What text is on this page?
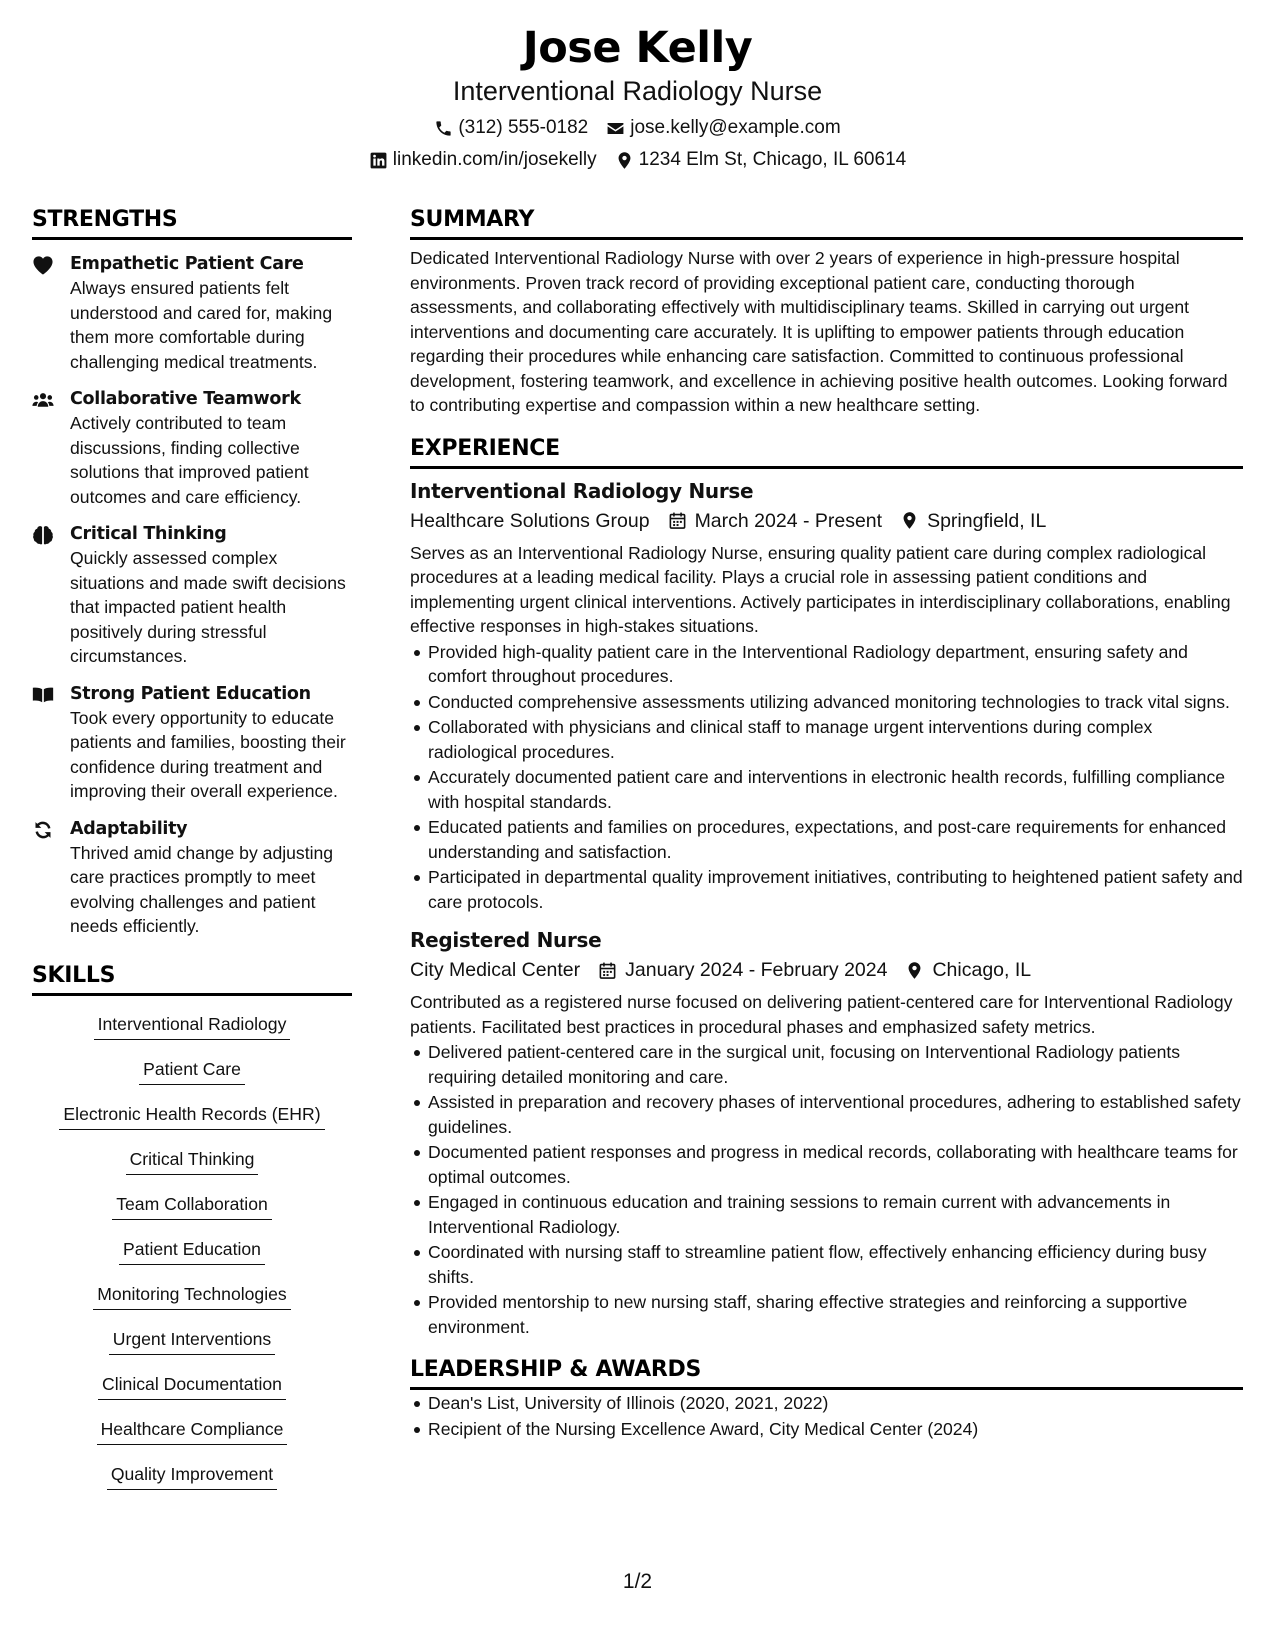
Jose Kelly
Interventional Radiology Nurse
(312) 555-0182 jose.kelly@example.com
linkedin.com/in/josekelly 1234 Elm St, Chicago, IL 60614
STRENGTHS
Empathetic Patient Care
Always ensured patients felt understood and cared for, making them more comfortable during challenging medical treatments.
Collaborative Teamwork
Actively contributed to team discussions, finding collective solutions that improved patient outcomes and care efficiency.
Critical Thinking
Quickly assessed complex situations and made swift decisions that impacted patient health positively during stressful circumstances.
Strong Patient Education
Took every opportunity to educate patients and families, boosting their confidence during treatment and improving their overall experience.
Adaptability
Thrived amid change by adjusting care practices promptly to meet evolving challenges and patient needs efficiently.
SKILLS
Interventional Radiology
Patient Care
Electronic Health Records (EHR)
Critical Thinking
Team Collaboration
Patient Education
Monitoring Technologies
Urgent Interventions
Clinical Documentation
Healthcare Compliance
Quality Improvement
SUMMARY
Dedicated Interventional Radiology Nurse with over 2 years of experience in high-pressure hospital environments. Proven track record of providing exceptional patient care, conducting thorough assessments, and collaborating effectively with multidisciplinary teams. Skilled in carrying out urgent interventions and documenting care accurately. It is uplifting to empower patients through education regarding their procedures while enhancing care satisfaction. Committed to continuous professional development, fostering teamwork, and excellence in achieving positive health outcomes. Looking forward to contributing expertise and compassion within a new healthcare setting.
EXPERIENCE
Interventional Radiology Nurse
Healthcare Solutions Group March 2024 - Present Springfield, IL
Serves as an Interventional Radiology Nurse, ensuring quality patient care during complex radiological procedures at a leading medical facility. Plays a crucial role in assessing patient conditions and implementing urgent clinical interventions. Actively participates in interdisciplinary collaborations, enabling effective responses in high-stakes situations.
Provided high-quality patient care in the Interventional Radiology department, ensuring safety and comfort throughout procedures.
Conducted comprehensive assessments utilizing advanced monitoring technologies to track vital signs.
Collaborated with physicians and clinical staff to manage urgent interventions during complex radiological procedures.
Accurately documented patient care and interventions in electronic health records, fulfilling compliance with hospital standards.
Educated patients and families on procedures, expectations, and post-care requirements for enhanced understanding and satisfaction.
Participated in departmental quality improvement initiatives, contributing to heightened patient safety and care protocols.
Registered Nurse
City Medical Center January 2024 - February 2024 Chicago, IL
Contributed as a registered nurse focused on delivering patient-centered care for Interventional Radiology patients. Facilitated best practices in procedural phases and emphasized safety metrics.
Delivered patient-centered care in the surgical unit, focusing on Interventional Radiology patients requiring detailed monitoring and care.
Assisted in preparation and recovery phases of interventional procedures, adhering to established safety guidelines.
Documented patient responses and progress in medical records, collaborating with healthcare teams for optimal outcomes.
Engaged in continuous education and training sessions to remain current with advancements in Interventional Radiology.
Coordinated with nursing staff to streamline patient flow, effectively enhancing efficiency during busy shifts.
Provided mentorship to new nursing staff, sharing effective strategies and reinforcing a supportive environment.
LEADERSHIP & AWARDS
Dean's List, University of Illinois (2020, 2021, 2022)
Recipient of the Nursing Excellence Award, City Medical Center (2024)
1/2
